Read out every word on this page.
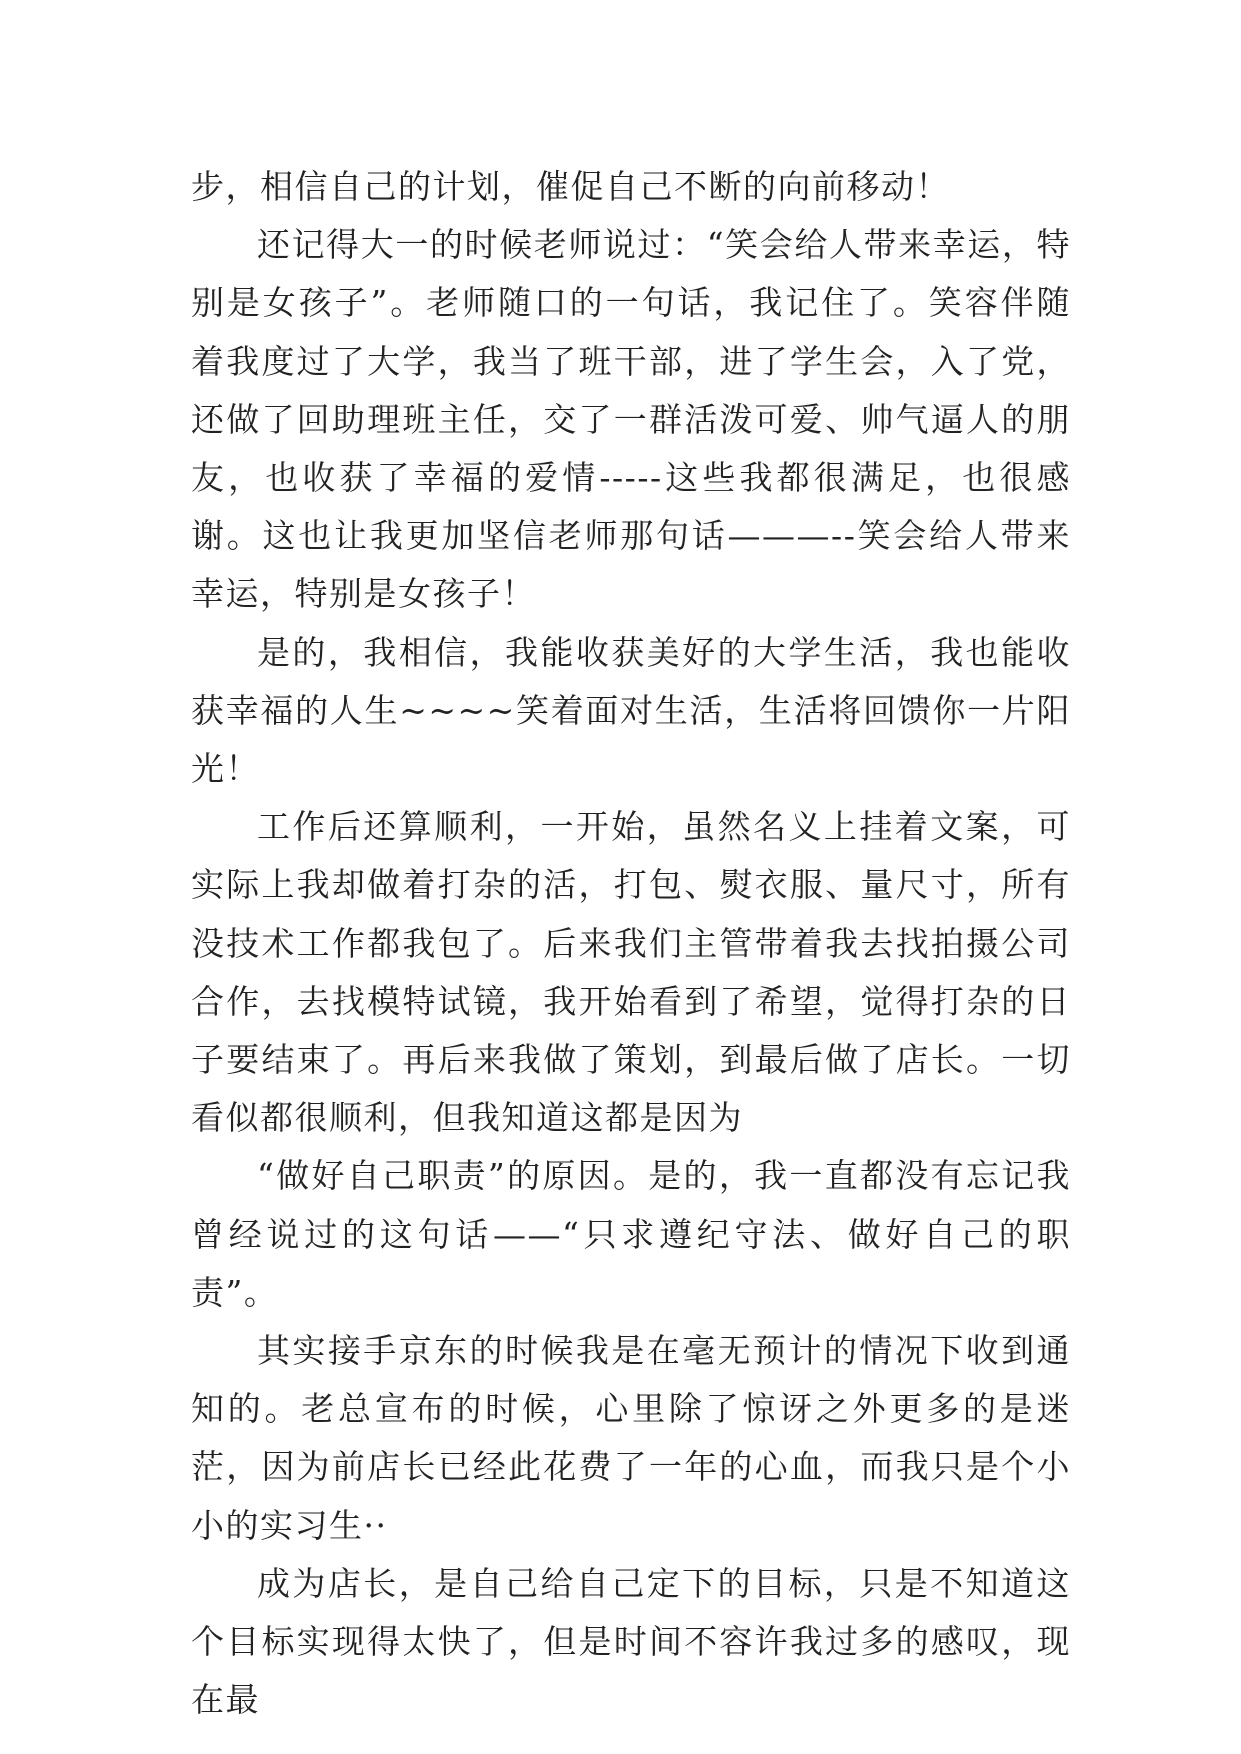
步，相信自己的计划，催促自己不断的向前移动！

还记得大一的时候老师说过：“笑会给人带来幸运，特别是女孩子”。老师随口的一句话，我记住了。笑容伴随着我度过了大学，我当了班干部，进了学生会，入了党，还做了回助理班主任，交了一群活泼可爱、帅气逼人的朋友，也收获了幸福的爱情-----这些我都很满足，也很感谢。这也让我更加坚信老师那句话———--笑会给人带来幸运，特别是女孩子！

是的，我相信，我能收获美好的大学生活，我也能收获幸福的人生~~~~笑着面对生活，生活将回馈你一片阳光！

工作后还算顺利，一开始，虽然名义上挂着文案，可实际上我却做着打杂的活，打包、熨衣服、量尺寸，所有没技术工作都我包了。后来我们主管带着我去找拍摄公司合作，去找模特试镜，我开始看到了希望，觉得打杂的日子要结束了。再后来我做了策划，到最后做了店长。一切看似都很顺利，但我知道这都是因为

“做好自己职责”的原因。是的，我一直都没有忘记我曾经说过的这句话——“只求遵纪守法、做好自己的职责”。

其实接手京东的时候我是在毫无预计的情况下收到通知的。老总宣布的时候，心里除了惊讶之外更多的是迷茫，因为前店长已经此花费了一年的心血，而我只是个小小的实习生··

成为店长，是自己给自己定下的目标，只是不知道这个目标实现得太快了，但是时间不容许我过多的感叹，现在最
